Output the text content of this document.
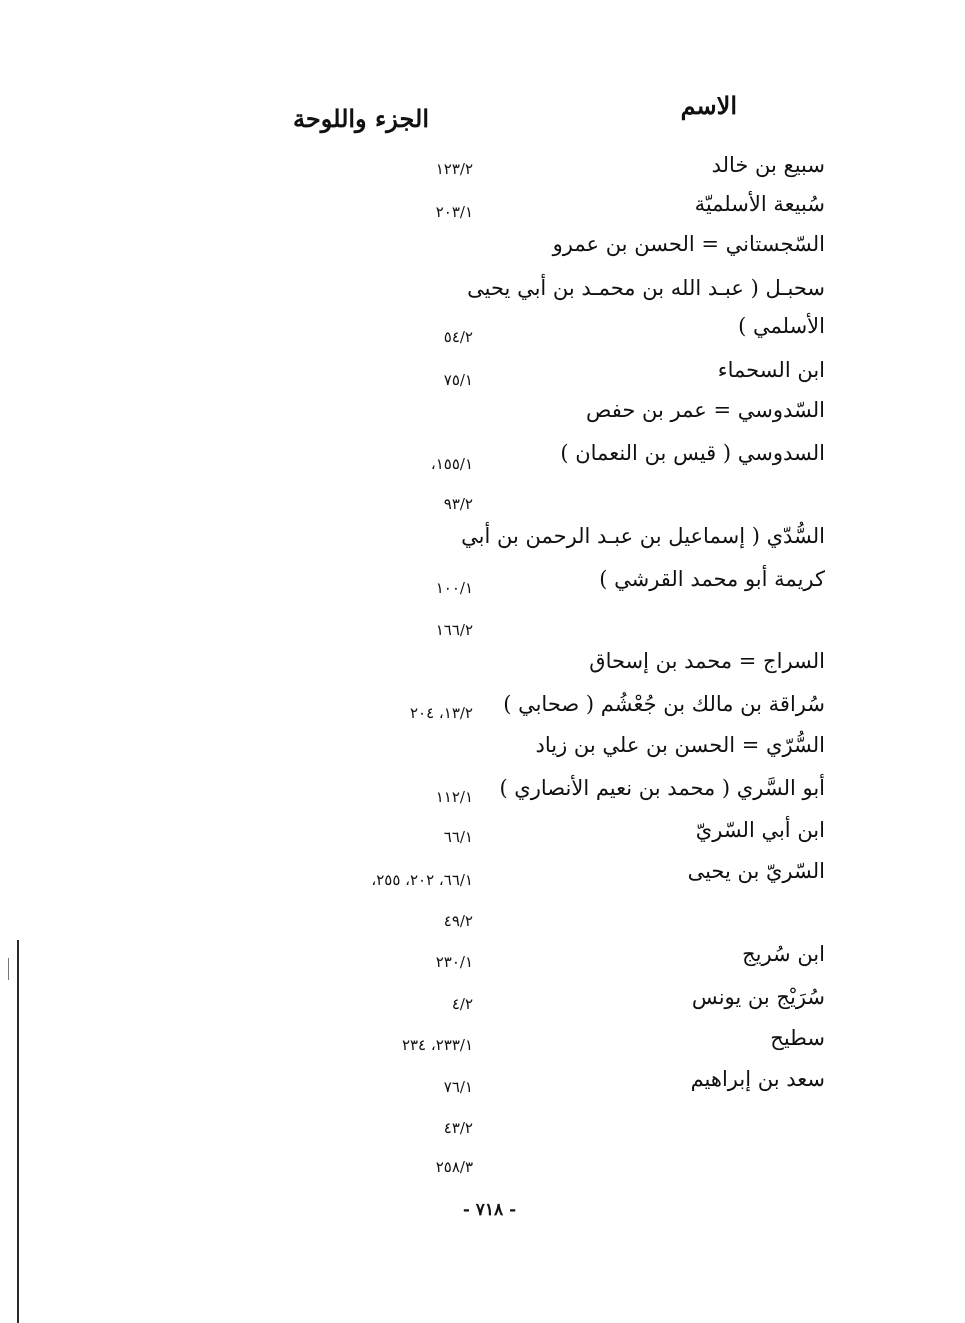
الاسم
الجزء واللوحة
سبيع بن خالد
١٢٣/٢
سُبيعة الأسلميّة
٢٠٣/١
السّجستاني = الحسن بن عمرو
سحبـل ( عبـد الله بن محمـد بن أبي يحيى
الأسلمي )
٥٤/٢
ابن السحماء
٧٥/١
السّدوسي = عمر بن حفص
السدوسي ( قيس بن النعمان )
١٥٥/١،
٩٣/٢
السُّدّي ( إسماعيل بن عبـد الرحمن بن أبي
كريمة أبو محمد القرشي )
١٠٠/١
١٦٦/٢
السراج = محمد بن إسحاق
سُراقة بن مالك بن جُعْشُم ( صحابي )
١٣/٢، ٢٠٤
السُّرّي = الحسن بن علي بن زياد
أبو السَّري ( محمد بن نعيم الأنصاري )
١١٢/١
ابن أبي السّريّ
٦٦/١
السّريّ بن يحيى
٦٦/١، ٢٠٢، ٢٥٥،
٤٩/٢
ابن سُريج
٢٣٠/١
سُرَيْج بن يونس
٤/٢
سطيح
٢٣٣/١، ٢٣٤
سعد بن إبراهيم
٧٦/١
٤٣/٢
٢٥٨/٣
- ٧١٨ -
